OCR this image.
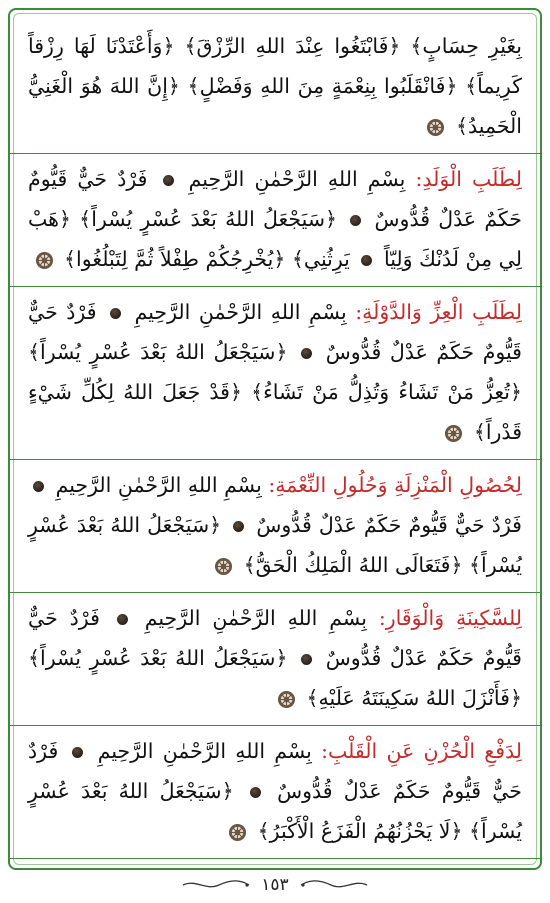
بِغَيْرِ حِسَابٍ﴾ ﴿فَابْتَغُوا عِنْدَ اللهِ الرِّزْقَ﴾ ﴿وَأَعْتَدْنَا لَهَا رِزْقاً كَرِيماً﴾ ﴿فَانْقَلَبُوا بِنِعْمَةٍ مِنَ اللهِ وَفَضْلٍ﴾ ﴿إِنَّ اللهَ هُوَ الْغَنِيُّ الْحَمِيدُ﴾
لِطَلَبِ الْوَلَدِ: بِسْمِ اللهِ الرَّحْمٰنِ الرَّحِيمِ  فَرْدٌ حَيٌّ قَيُّومٌ حَكَمٌ عَدْلٌ قُدُّوسٌ  ﴿سَيَجْعَلُ اللهُ بَعْدَ عُسْرٍ يُسْراً﴾ ﴿هَبْ لِي مِنْ لَدُنْكَ وَلِيّاً  يَرِثُنِي﴾ ﴿يُخْرِجُكُمْ طِفْلاً ثُمَّ لِتَبْلُغُوا﴾
لِطَلَبِ الْعِزِّ وَالدَّوْلَةِ: بِسْمِ اللهِ الرَّحْمٰنِ الرَّحِيمِ  فَرْدٌ حَيٌّ قَيُّومٌ حَكَمٌ عَدْلٌ قُدُّوسٌ  ﴿سَيَجْعَلُ اللهُ بَعْدَ عُسْرٍ يُسْراً﴾ ﴿تُعِزُّ مَنْ تَشَاءُ وَتُذِلُّ مَنْ تَشَاءُ﴾ ﴿قَدْ جَعَلَ اللهُ لِكُلِّ شَيْءٍ قَدْراً﴾
لِحُصُولِ الْمَنْزِلَةِ وَحُلُولِ النِّعْمَةِ: بِسْمِ اللهِ الرَّحْمٰنِ الرَّحِيمِ  فَرْدٌ حَيٌّ قَيُّومٌ حَكَمٌ عَدْلٌ قُدُّوسٌ  ﴿سَيَجْعَلُ اللهُ بَعْدَ عُسْرٍ يُسْراً﴾ ﴿فَتَعَالَى اللهُ الْمَلِكُ الْحَقُّ﴾
لِلسَّكِينَةِ وَالْوَقَارِ: بِسْمِ اللهِ الرَّحْمٰنِ الرَّحِيمِ  فَرْدٌ حَيٌّ قَيُّومٌ حَكَمٌ عَدْلٌ قُدُّوسٌ  ﴿سَيَجْعَلُ اللهُ بَعْدَ عُسْرٍ يُسْراً﴾ ﴿فَأَنْزَلَ اللهُ سَكِينَتَهُ عَلَيْهِ﴾
لِدَفْعِ الْحُزْنِ عَنِ الْقَلْبِ: بِسْمِ اللهِ الرَّحْمٰنِ الرَّحِيمِ  فَرْدٌ حَيٌّ قَيُّومٌ حَكَمٌ عَدْلٌ قُدُّوسٌ  ﴿سَيَجْعَلُ اللهُ بَعْدَ عُسْرٍ يُسْراً﴾ ﴿لَا يَحْزُنُهُمُ الْفَزَعُ الْأَكْبَرُ﴾
١٥٣
